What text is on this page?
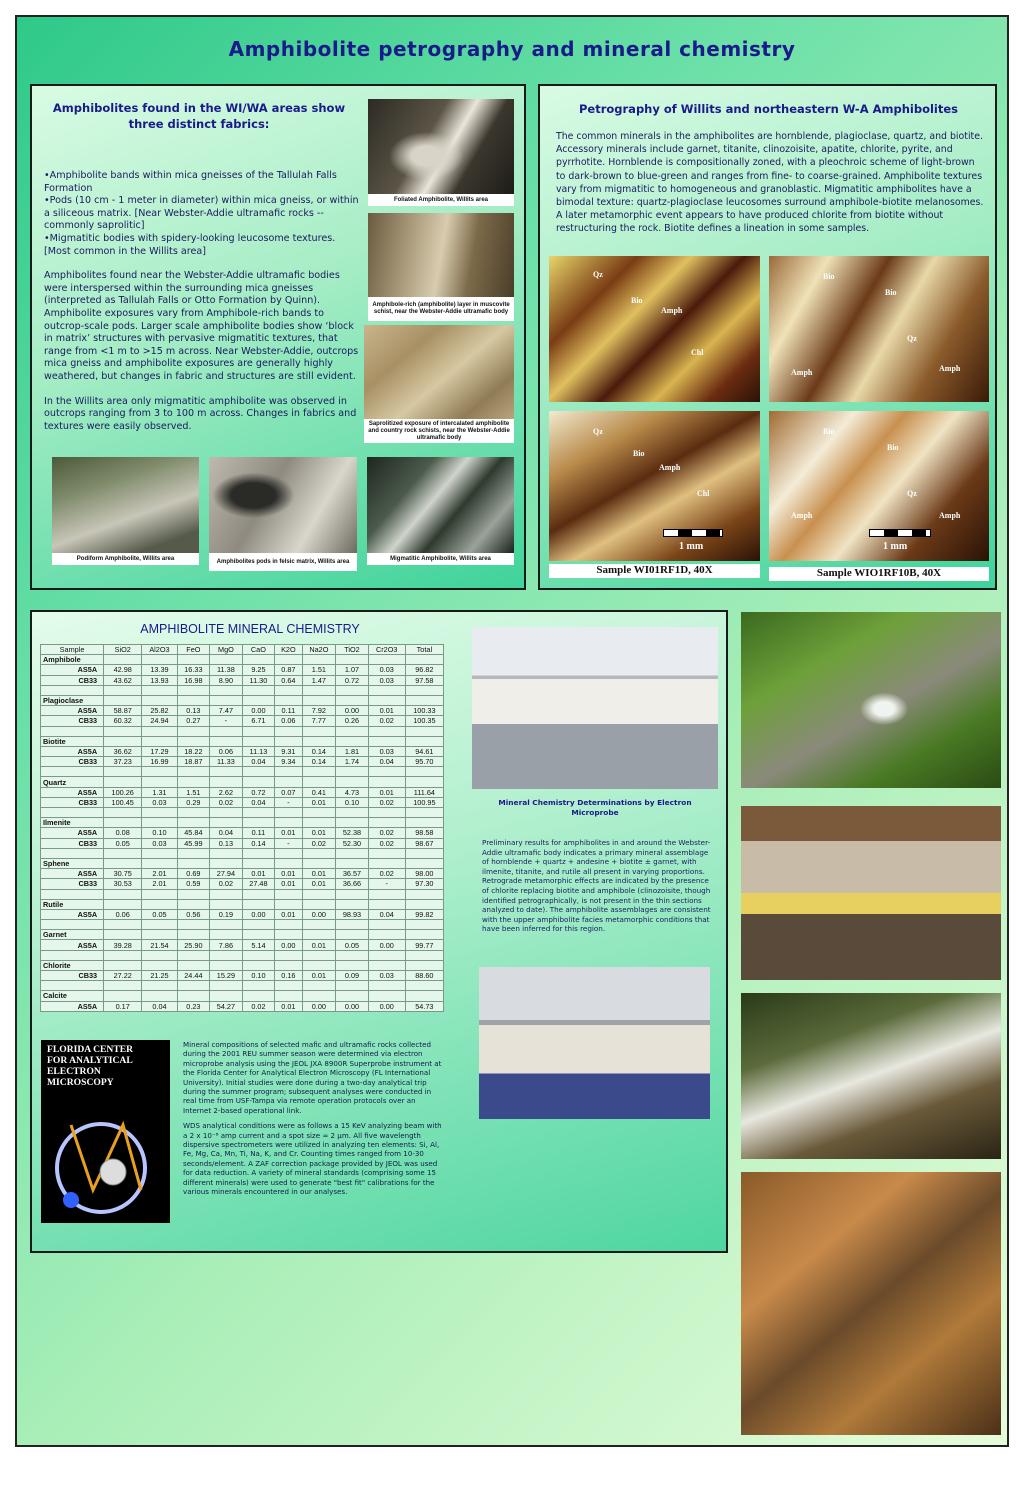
Amphibolite petrography and mineral chemistry
Amphibolites found in the WI/WA areas show three distinct fabrics:
•Amphibolite bands within mica gneisses of the Tallulah Falls Formation
•Pods (10 cm - 1 meter in diameter) within mica gneiss, or within a siliceous matrix. [Near Webster-Addie ultramafic rocks -- commonly saprolitic]
•Migmatitic bodies with spidery-looking leucosome textures. [Most common in the Willits area]

Amphibolites found near the Webster-Addie ultramafic bodies were interspersed within the surrounding mica gneisses (interpreted as Tallulah Falls or Otto Formation by Quinn). Amphibolite exposures vary from Amphibole-rich bands to outcrop-scale pods. Larger scale amphibolite bodies show ‘block in matrix’ structures with pervasive migmatitic textures, that range from <1 m to >15 m across. Near Webster-Addie, outcrops mica gneiss and amphibolite exposures are generally highly weathered, but changes in fabric and structures are still evident.

In the Willits area only migmatitic amphibolite was observed in outcrops ranging from 3 to 100 m across. Changes in fabrics and textures were easily observed.

Foliated Amphibolite, Willits area
Amphibole-rich (amphibolite) layer in muscovite schist, near the Webster-Addie ultramafic body
Saprolitized exposure of intercalated amphibolite and country rock schists, near the Webster-Addie ultramafic body
Podiform Amphibolite, Willits area	Amphibolites pods in felsic matrix, Willits area	Migmatitic Amphibolite, Willits area
Petrography of Willits and northeastern W-A Amphibolites
The common minerals in the amphibolites are hornblende, plagioclase, quartz, and biotite. Accessory minerals include garnet, titanite, clinozoisite, apatite, chlorite, pyrite, and pyrrhotite. Hornblende is compositionally zoned, with a pleochroic scheme of light-brown to dark-brown to blue-green and ranges from fine- to coarse-grained. Amphibolite textures vary from migmatitic to homogeneous and granoblastic. Migmatitic amphibolites have a bimodal texture: quartz-plagioclase leucosomes surround amphibole-biotite melanosomes. A later metamorphic event appears to have produced chlorite from biotite without restructuring the rock. Biotite defines a lineation in some samples.
Qz
Bio
Amph
Chl
Bio
Bio
Qz
Amph	Amph
Qz
Bio
Amph
Chl
1 mm
Bio
Bio
Qz
Amph	Amph
1 mm
Sample WI01RF1D, 40X	Sample WIO1RF10B, 40X
AMPHIBOLITE MINERAL CHEMISTRY
Sample	SiO2	Al2O3	FeO	MgO	CaO	K2O	Na2O	TiO2	Cr2O3	Total
Amphibole										
AS5A	42.98	13.39	16.33	11.38	9.25	0.87	1.51	1.07	0.03	96.82
CB33	43.62	13.93	16.98	8.90	11.30	0.64	1.47	0.72	0.03	97.58

Plagioclase										
AS5A	58.87	25.82	0.13	7.47	0.00	0.11	7.92	0.00	0.01	100.33
CB33	60.32	24.94	0.27	-	6.71	0.06	7.77	0.26	0.02	100.35

Biotite										
AS5A	36.62	17.29	18.22	0.06	11.13	9.31	0.14	1.81	0.03	94.61
CB33	37.23	16.99	18.87	11.33	0.04	9.34	0.14	1.74	0.04	95.70

Quartz										
AS5A	100.26	1.31	1.51	2.62	0.72	0.07	0.41	4.73	0.01	111.64
CB33	100.45	0.03	0.29	0.02	0.04	-	0.01	0.10	0.02	100.95

Ilmenite										
AS5A	0.08	0.10	45.84	0.04	0.11	0.01	0.01	52.38	0.02	98.58
CB33	0.05	0.03	45.99	0.13	0.14	-	0.02	52.30	0.02	98.67

Sphene										
AS5A	30.75	2.01	0.69	27.94	0.01	0.01	0.01	36.57	0.02	98.00
CB33	30.53	2.01	0.59	0.02	27.48	0.01	0.01	36.66	-	97.30

Rutile										
AS5A	0.06	0.05	0.56	0.19	0.00	0.01	0.00	98.93	0.04	99.82

Garnet										
AS5A	39.28	21.54	25.90	7.86	5.14	0.00	0.01	0.05	0.00	99.77

Chlorite										
CB33	27.22	21.25	24.44	15.29	0.10	0.16	0.01	0.09	0.03	88.60

Calcite										
AS5A	0.17	0.04	0.23	54.27	0.02	0.01	0.00	0.00	0.00	54.73
Mineral Chemistry Determinations by Electron Microprobe
Preliminary results for amphibolites in and around the Webster-Addie ultramafic body indicates a primary mineral assemblage of hornblende + quartz + andesine + biotite ± garnet, with ilmenite, titanite, and rutile all present in varying proportions. Retrograde metamorphic effects are indicated by the presence of chlorite replacing biotite and amphibole (clinozoisite, though identified petrographically, is not present in the thin sections analyzed to date). The amphibolite assemblages are consistent with the upper amphibolite facies metamorphic conditions that have been inferred for this region.
FLORIDA CENTER FOR ANALYTICAL ELECTRON MICROSCOPY

Mineral compositions of selected mafic and ultramafic rocks collected during the 2001 REU summer season were determined via electron microprobe analysis using the JEOL JXA 8900R Superprobe instrument at the Florida Center for Analytical Electron Microscopy (FL International University). Initial studies were done during a two-day analytical trip during the summer program; subsequent analyses were conducted in real time from USF-Tampa via remote operation protocols over an Internet 2-based operational link.

WDS analytical conditions were as follows a 15 KeV analyzing beam with a 2 x 10⁻⁸ amp current and a spot size ≈ 2 µm. All five wavelength dispersive spectrometers were utilized in analyzing ten elements: Si, Al, Fe, Mg, Ca, Mn, Ti, Na, K, and Cr. Counting times ranged from 10-30 seconds/element. A ZAF correction package provided by JEOL was used for data reduction. A variety of mineral standards (comprising some 15 different minerals) were used to generate "best fit" calibrations for the various minerals encountered in our analyses.
